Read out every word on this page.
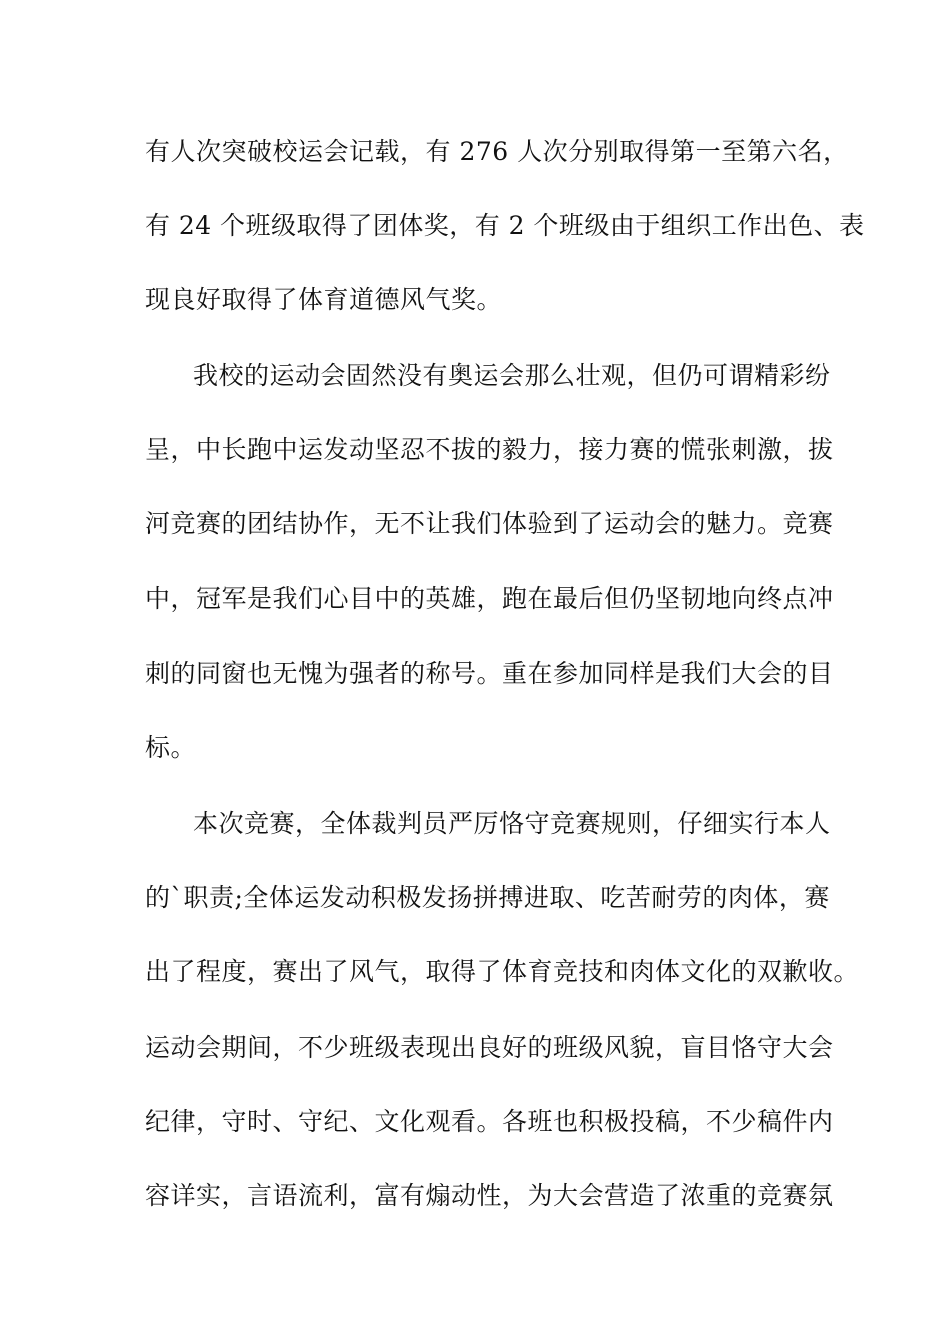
有人次突破校运会记载，有 276 人次分别取得第一至第六名，
有 24 个班级取得了团体奖，有 2 个班级由于组织工作出色、表
现良好取得了体育道德风气奖。
我校的运动会固然没有奥运会那么壮观，但仍可谓精彩纷
呈，中长跑中运发动坚忍不拔的毅力，接力赛的慌张刺激，拔
河竞赛的团结协作，无不让我们体验到了运动会的魅力。竞赛
中，冠军是我们心目中的英雄，跑在最后但仍坚韧地向终点冲
刺的同窗也无愧为强者的称号。重在参加同样是我们大会的目
标。
本次竞赛，全体裁判员严厉恪守竞赛规则，仔细实行本人
的`职责;全体运发动积极发扬拼搏进取、吃苦耐劳的肉体，赛
出了程度，赛出了风气，取得了体育竞技和肉体文化的双歉收。
运动会期间，不少班级表现出良好的班级风貌，盲目恪守大会
纪律，守时、守纪、文化观看。各班也积极投稿，不少稿件内
容详实，言语流利，富有煽动性，为大会营造了浓重的竞赛氛
